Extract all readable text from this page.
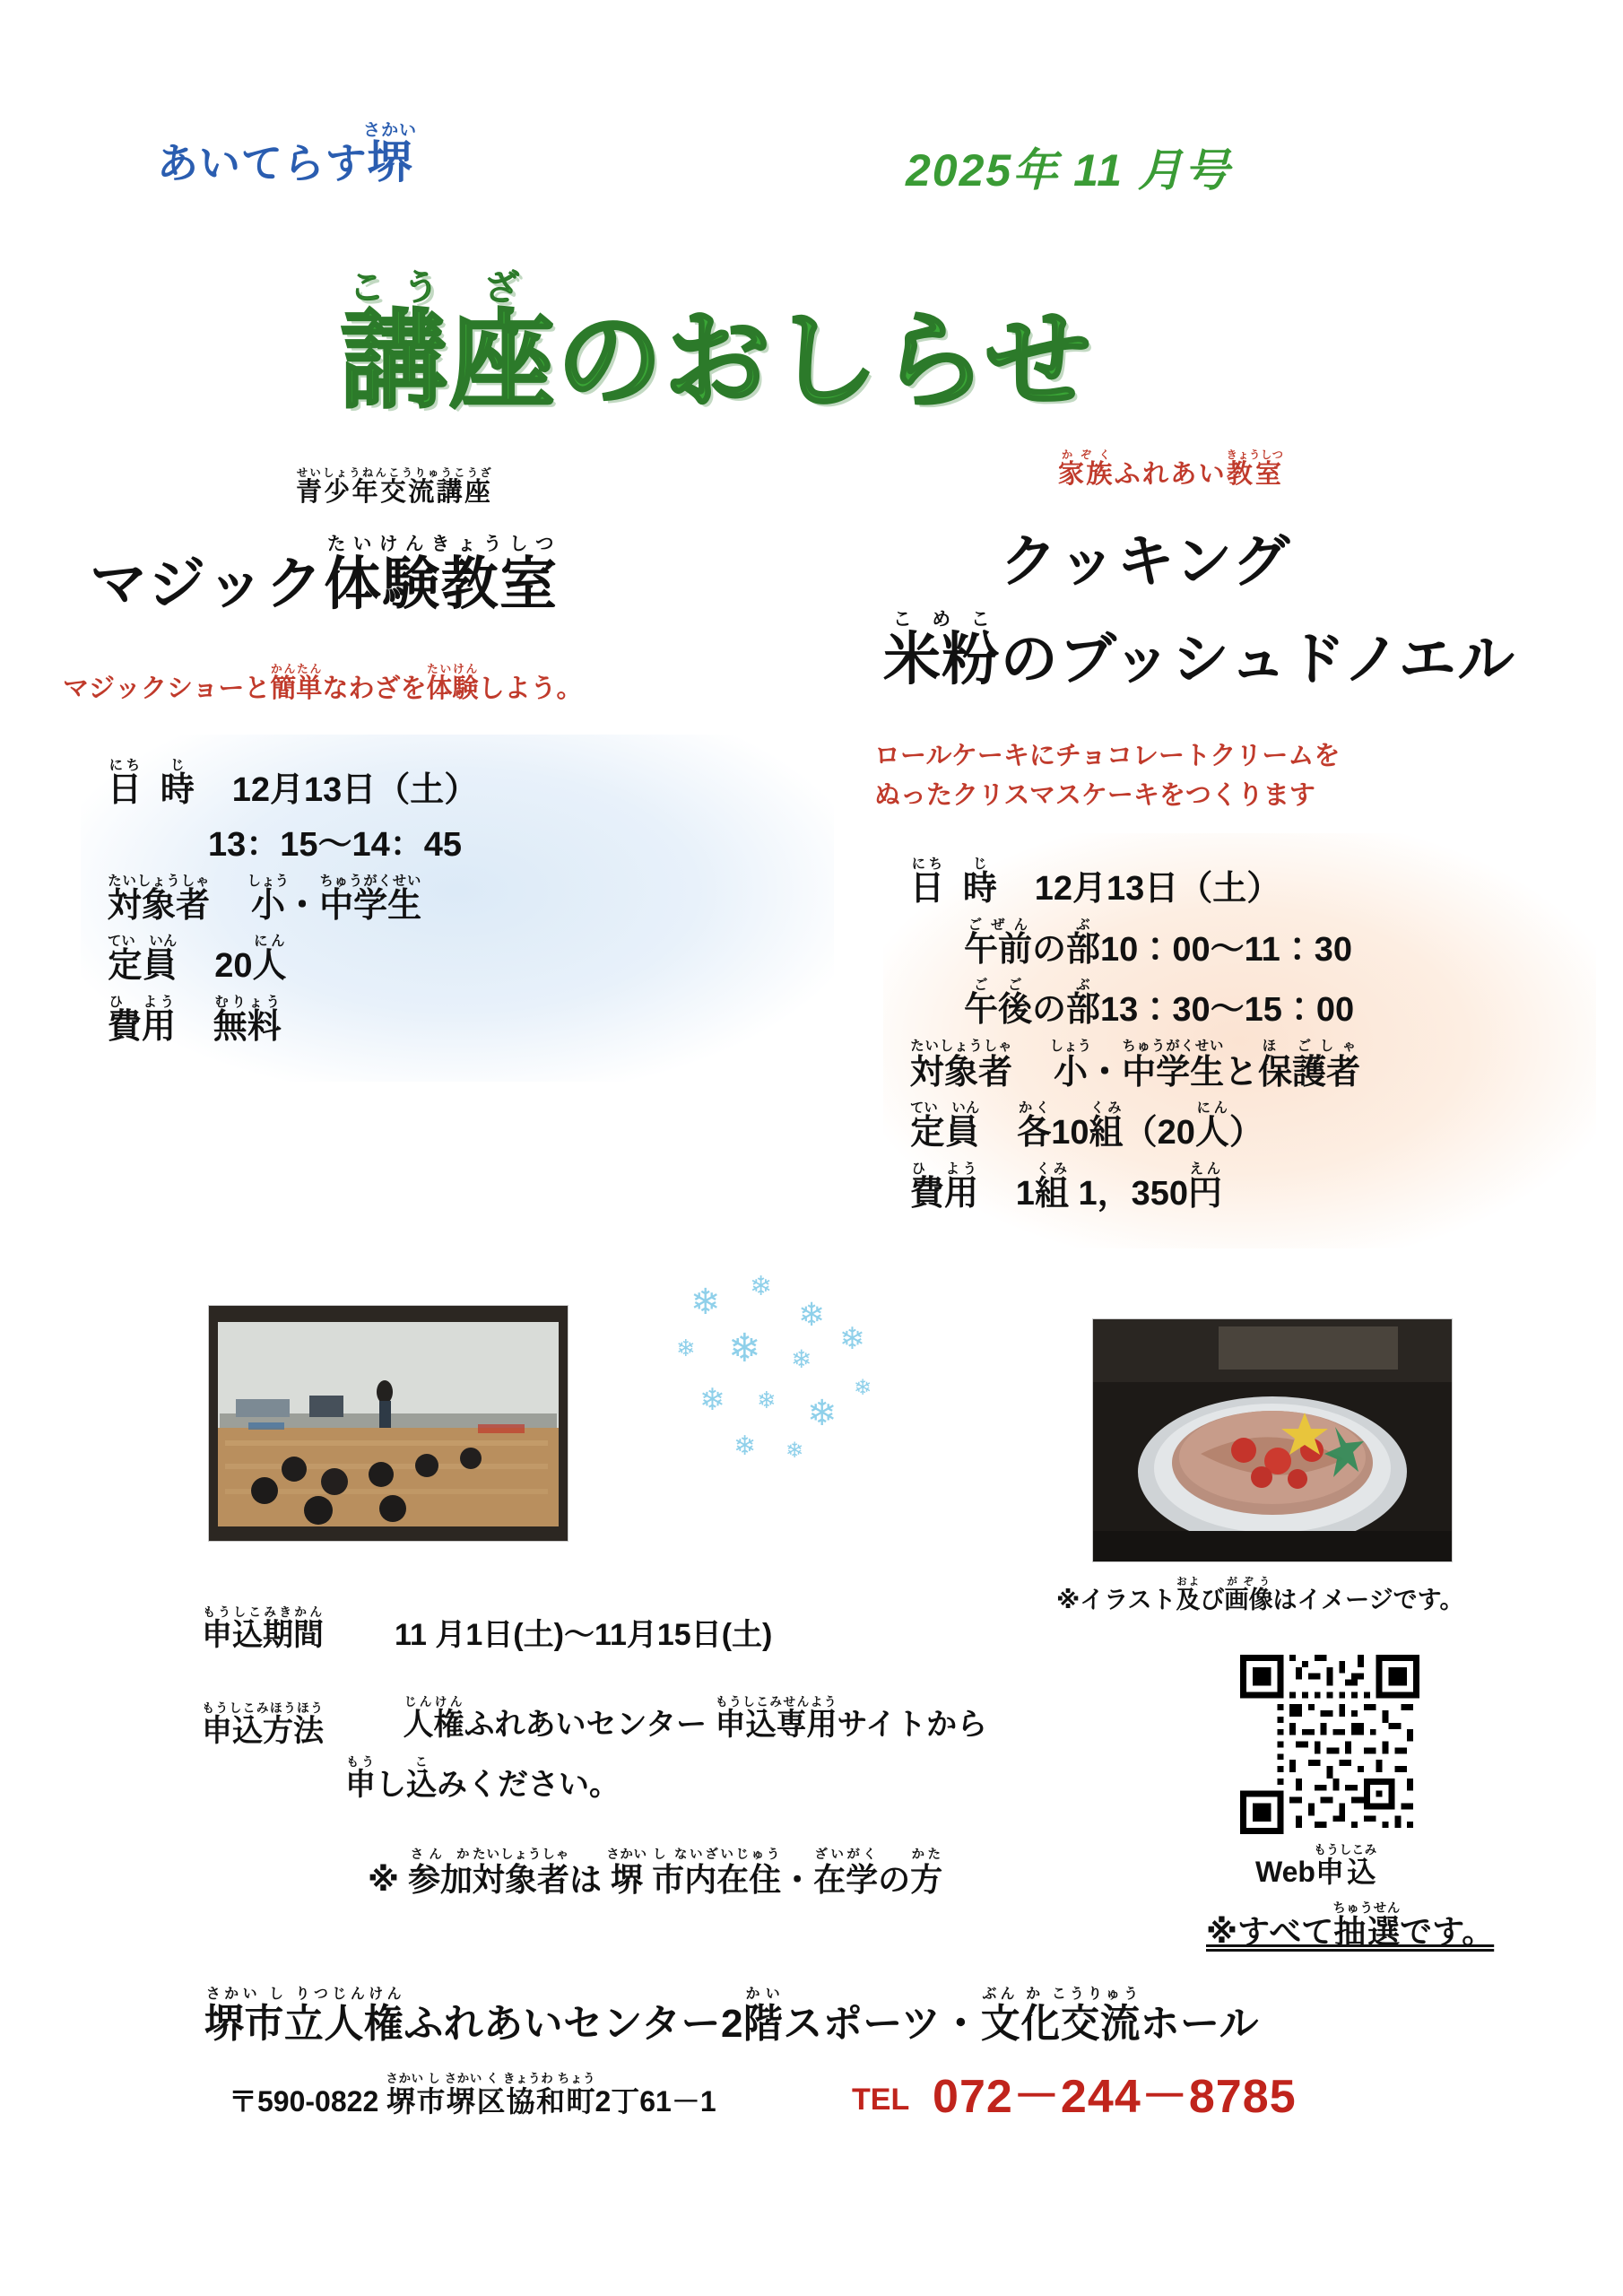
あいてらす堺さかい
2025年 11 月号
講こう座ざのおしらせ
青少年交流講座せいしょうねんこうりゅうこうざ
マジック体験教室たいけんきょうしつ
マジックショーと簡単かんたんなわざを体験たいけんしよう。
日にち時じ12月13日（土）
13：15～14：45
対象者たいしょうしゃ小しょう・中学生ちゅうがくせい
定員てい　いん20人にん
費用ひ　よう無料むりょう
家族かぞくふれあい教室きょうしつ
クッキング
米粉こめこのブッシュドノエル
ロールケーキにチョコレートクリームを
ぬったクリスマスケーキをつくります
日にち時じ12月13日（土）
午前ごぜんの部ぶ10：00～11：30
午後ごごの部ぶ13：30～15：00
対象者たいしょうしゃ小しょう・中学生ちゅうがくせいと保護者ほ ごしゃ
定員てい　いん各かく10組くみ（20人にん）
費用ひ　よう1組くみ 1，350円えん
※イラスト及および画像がぞうはイメージです。
❄ ❄
❄
❄ ❄ ❄
❄
❄ ❄ ❄
❄
❄ ❄
申込期間もうしこみきかん11 月1日(土)～11月15日(土)
申込方法もうしこみほうほう	人権じんけんふれあいセンター 申込専用もうしこみせんようサイトから
申もうし込こみください。
※ 参加さん か対象者たいしょうしゃは 堺さかい 市内在住し ないざいじゅう・在学ざいがくの方かた
Web申込もうしこみ
※すべて抽選ちゅうせんです。
堺市立人権さかい し りつじんけんふれあいセンター2階かいスポーツ・文化交流ぶん か こうりゅうホール
〒590-0822 堺市堺区協和町さかい し さかい く きょうわ ちょう2丁61－1	TEL 072－244－8785
